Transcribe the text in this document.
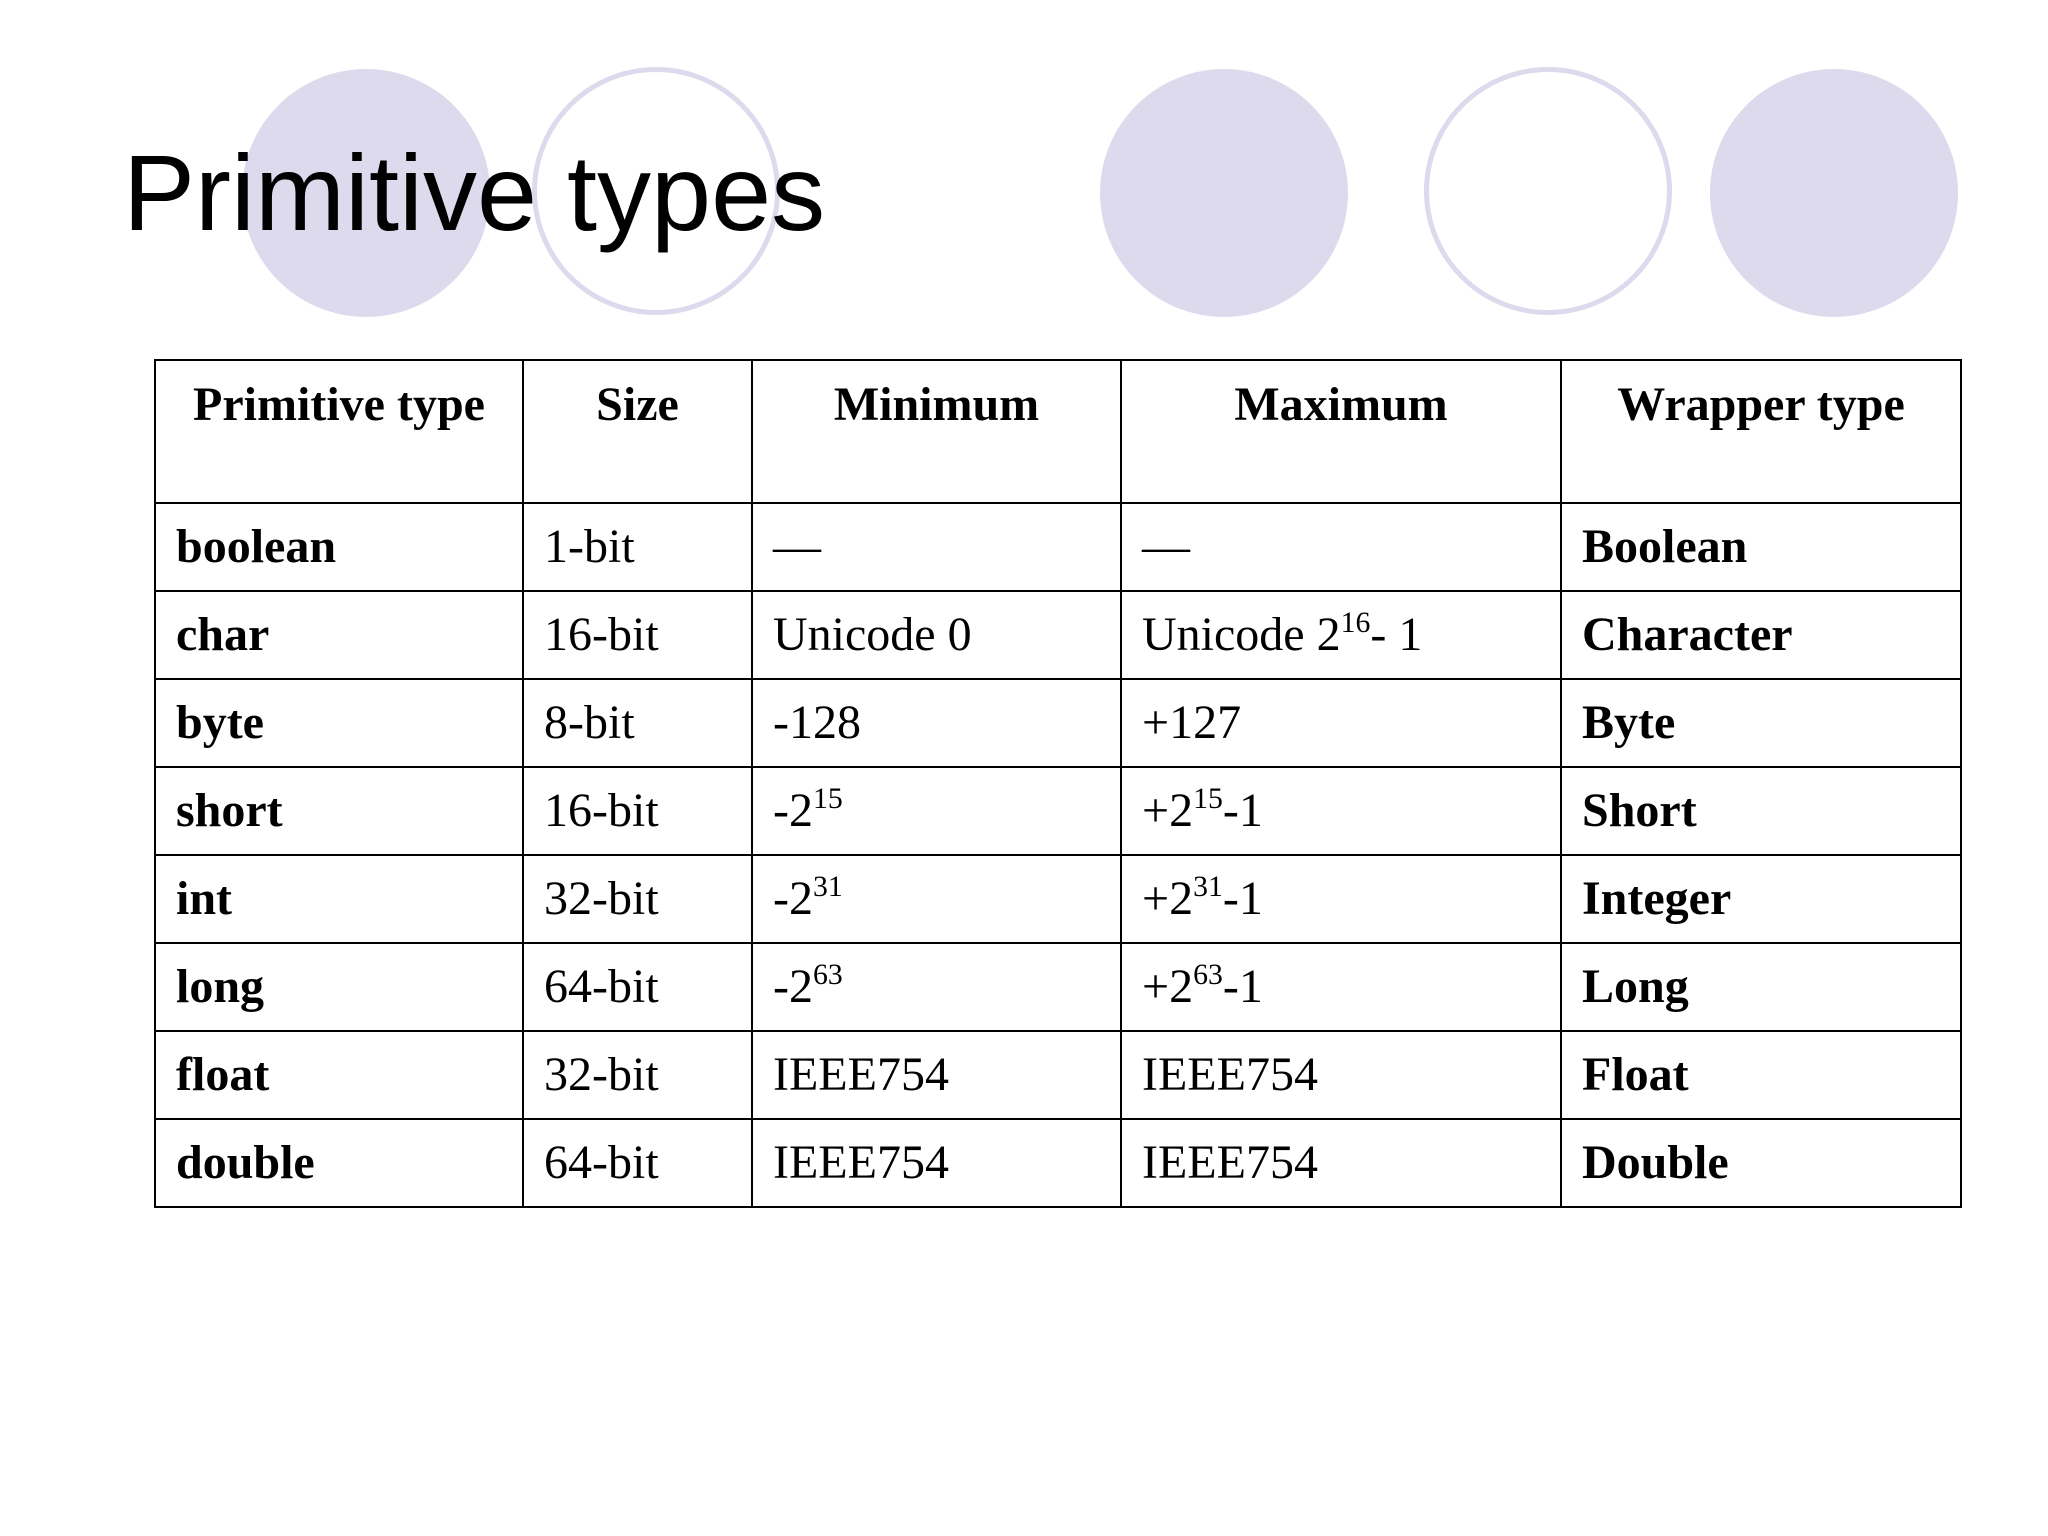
Primitive types
Primitive type	Size	Minimum	Maximum	Wrapper type
boolean	1-bit	—	—	Boolean
char	16-bit	Unicode 0	Unicode $2^{16}-$ 1	Character
byte	8-bit	-128	+127	Byte
short	16-bit	$-2^{15}$	$+2^{15}-1$	Short
int	32-bit	$-2^{31}$	$+2^{31}-1$	Integer
long	64-bit	$-2^{63}$	$+2^{63}-1$	Long
float	32-bit	IEEE754	IEEE754	Float
double	64-bit	IEEE754	IEEE754	Double
